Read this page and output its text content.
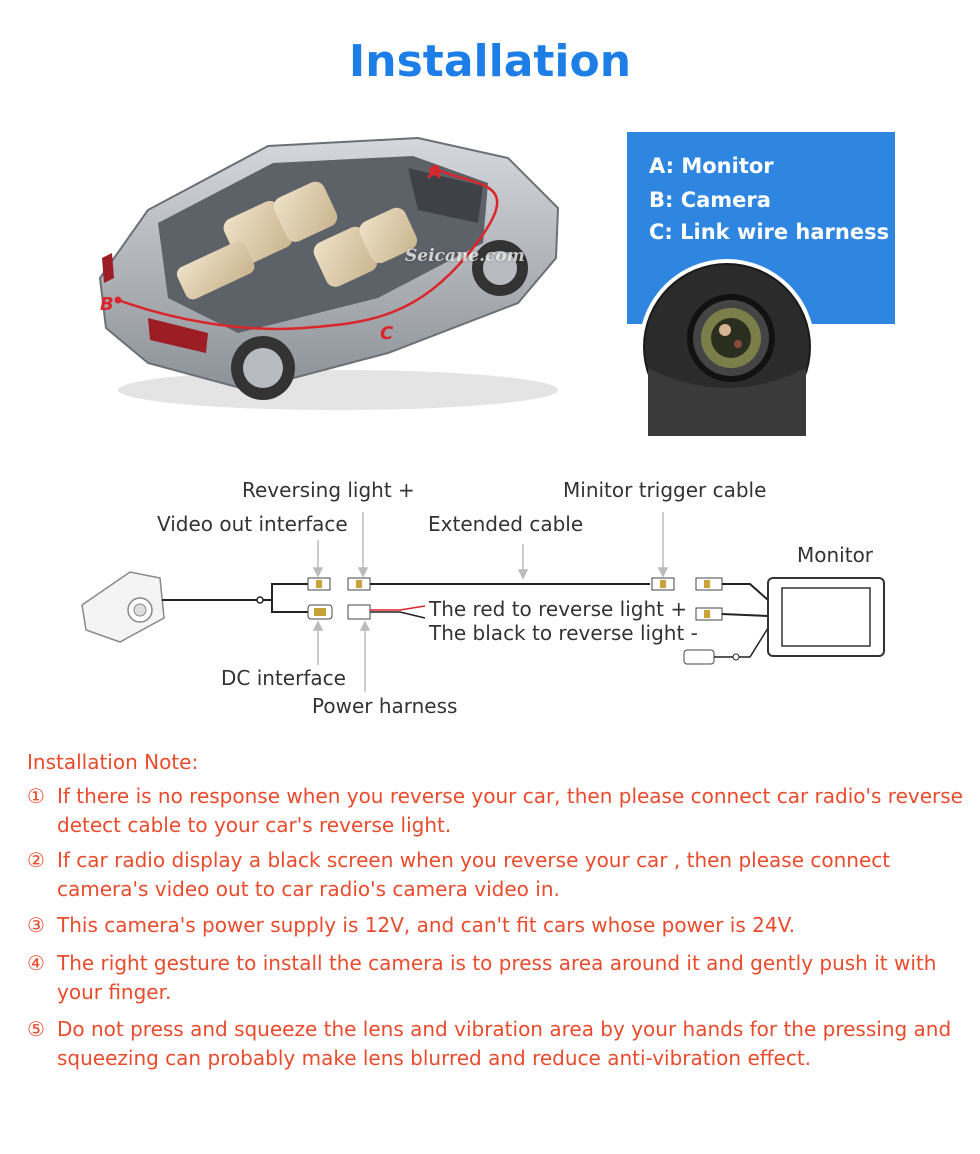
Installation
B
A
C
Seicane.com
A: Monitor
B: Camera
C: Link wire harness
Reversing light +	Minitor trigger cable
Video out interface	Extended cable
Monitor
The red to reverse light +
The black to reverse light -
DC interface
Power harness
Installation Note:
① If there is no response when you reverse your car, then please connect car radio's reverse detect cable to your car's reverse light.
② If car radio display a black screen when you reverse your car , then please connect camera's video out to car radio's camera video in.
③ This camera's power supply is 12V, and can't fit cars whose power is 24V.
④ The right gesture to install the camera is to press area around it and gently push it with your finger.
⑤ Do not press and squeeze the lens and vibration area by your hands for the pressing and squeezing can probably make lens blurred and reduce anti-vibration effect.
